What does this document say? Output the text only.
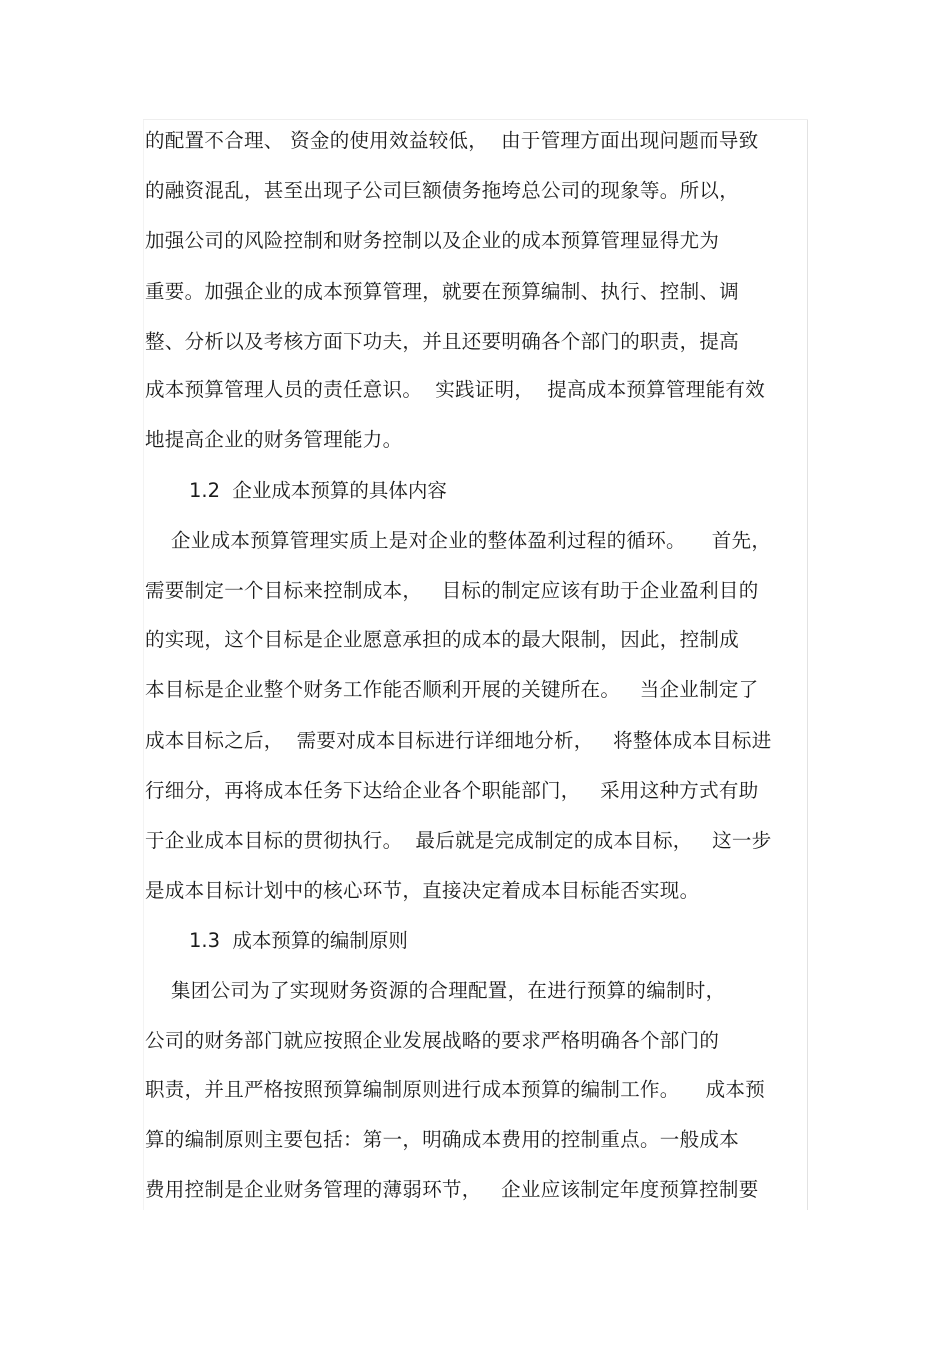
的配置不合理、 资金的使用效益较低，  由于管理方面出现问题而导致
的融资混乱，甚至出现子公司巨额债务拖垮总公司的现象等。所以，
加强公司的风险控制和财务控制以及企业的成本预算管理显得尤为
重要。加强企业的成本预算管理，就要在预算编制、执行、控制、调
整、分析以及考核方面下功夫，并且还要明确各个部门的职责，提高
成本预算管理人员的责任意识。  实践证明，  提高成本预算管理能有效
地提高企业的财务管理能力。
1.2  企业成本预算的具体内容
企业成本预算管理实质上是对企业的整体盈利过程的循环。    首先，
需要制定一个目标来控制成本，   目标的制定应该有助于企业盈利目的
的实现，这个目标是企业愿意承担的成本的最大限制，因此，控制成
本目标是企业整个财务工作能否顺利开展的关键所在。   当企业制定了
成本目标之后，  需要对成本目标进行详细地分析，   将整体成本目标进
行细分，再将成本任务下达给企业各个职能部门，   采用这种方式有助
于企业成本目标的贯彻执行。  最后就是完成制定的成本目标，   这一步
是成本目标计划中的核心环节，直接决定着成本目标能否实现。
1.3  成本预算的编制原则
集团公司为了实现财务资源的合理配置，在进行预算的编制时，
公司的财务部门就应按照企业发展战略的要求严格明确各个部门的
职责，并且严格按照预算编制原则进行成本预算的编制工作。    成本预
算的编制原则主要包括：第一，明确成本费用的控制重点。一般成本
费用控制是企业财务管理的薄弱环节，   企业应该制定年度预算控制要
